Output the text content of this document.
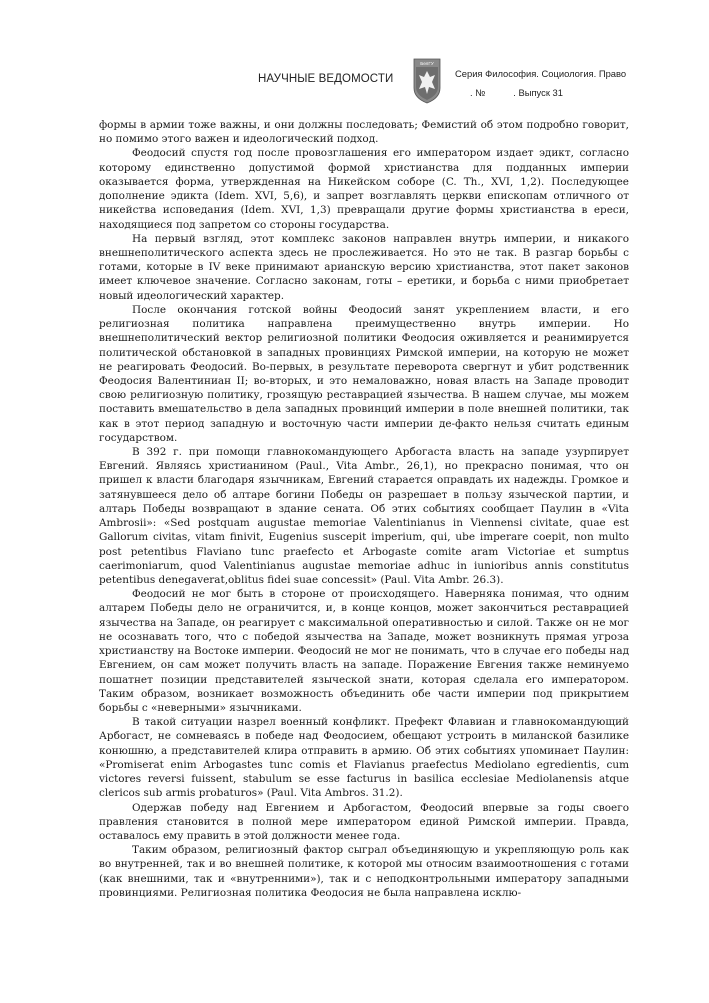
НАУЧНЫЕ ВЕДОМОСТИ
БелГУ
Серия Философия. Социология. Право
. №	. Выпуск 31

формы в армии тоже важны, и они должны последовать; Фемистий об этом подробно говорит, но помимо этого важен и идеологический подход.

Феодосий спустя год после провозглашения его императором издает эдикт, согласно которому единственно допустимой формой христианства для подданных империи оказывается форма, утвержденная на Никейском соборе (C. Th., XVI, 1,2). Последующее дополнение эдикта (Idem. XVI, 5,6), и запрет возглавлять церкви епископам отличного от никейства исповедания (Idem. XVI, 1,3) превращали другие формы христианства в ереси, находящиеся под запретом со стороны государства.

На первый взгляд, этот комплекс законов направлен внутрь империи, и никакого внешнеполитического аспекта здесь не прослеживается. Но это не так. В разгар борьбы с готами, которые в IV веке принимают арианскую версию христианства, этот пакет законов имеет ключевое значение. Согласно законам, готы – еретики, и борьба с ними приобретает новый идеологический характер.

После окончания готской войны Феодосий занят укреплением власти, и его религиозная политика направлена преимущественно внутрь империи. Но внешнеполитический вектор религиозной политики Феодосия оживляется и реанимируется политической обстановкой в западных провинциях Римской империи, на которую не может не реагировать Феодосий. Во-первых, в результате переворота свергнут и убит родственник Феодосия Валентиниан II; во-вторых, и это немаловажно, новая власть на Западе проводит свою религиозную политику, грозящую реставрацией язычества. В нашем случае, мы можем поставить вмешательство в дела западных провинций империи в поле внешней политики, так как в этот период западную и восточную части империи де-факто нельзя считать единым государством.

В 392 г. при помощи главнокомандующего Арбогаста власть на западе узурпирует Евгений. Являясь христианином (Paul., Vita Ambr., 26,1), но прекрасно понимая, что он пришел к власти благодаря язычникам, Евгений старается оправдать их надежды. Громкое и затянувшееся дело об алтаре богини Победы он разрешает в пользу языческой партии, и алтарь Победы возвращают в здание сената. Об этих событиях сообщает Паулин в «Vita Ambrosii»: «Sed postquam augustae memoriae Valentinianus in Viennensi civitate, quae est Gallorum civitas, vitam finivit, Eugenius suscepit imperium, qui, ube imperare coepit, non multo post petentibus Flaviano tunc praefecto et Arbogaste comite aram Victoriae et sumptus caerimoniarum, quod Valentinianus augustae memoriae adhuc in iunioribus annis constitutus petentibus denegaverat,oblitus fidei suae concessit» (Paul. Vita Ambr. 26.3).

Феодосий не мог быть в стороне от происходящего. Наверняка понимая, что одним алтарем Победы дело не ограничится, и, в конце концов, может закончиться реставрацией язычества на Западе, он реагирует с максимальной оперативностью и силой. Также он не мог не осознавать того, что с победой язычества на Западе, может возникнуть прямая угроза христианству на Востоке империи. Феодосий не мог не понимать, что в случае его победы над Евгением, он сам может получить власть на западе. Поражение Евгения также неминуемо пошатнет позиции представителей языческой знати, которая сделала его императором. Таким образом, возникает возможность объединить обе части империи под прикрытием борьбы с «неверными» язычниками.

В такой ситуации назрел военный конфликт. Префект Флавиан и главнокомандующий Арбогаст, не сомневаясь в победе над Феодосием, обещают устроить в миланской базилике конюшню, а представителей клира отправить в армию. Об этих событиях упоминает Паулин: «Promiserat enim Arbogastes tunc comis et Flavianus praefectus Mediolano egredientis, cum victores reversi fuissent, stabulum se esse facturus in basilica ecclesiae Mediolanensis atque clericos sub armis probaturos» (Paul. Vita Ambros. 31.2).

Одержав победу над Евгением и Арбогастом, Феодосий впервые за годы своего правления становится в полной мере императором единой Римской империи. Правда, оставалось ему править в этой должности менее года.

Таким образом, религиозный фактор сыграл объединяющую и укрепляющую роль как во внутренней, так и во внешней политике, к которой мы относим взаимоотношения с готами (как внешними, так и «внутренними»), так и с неподконтрольными императору западными провинциями. Религиозная политика Феодосия не была направлена исклю-
